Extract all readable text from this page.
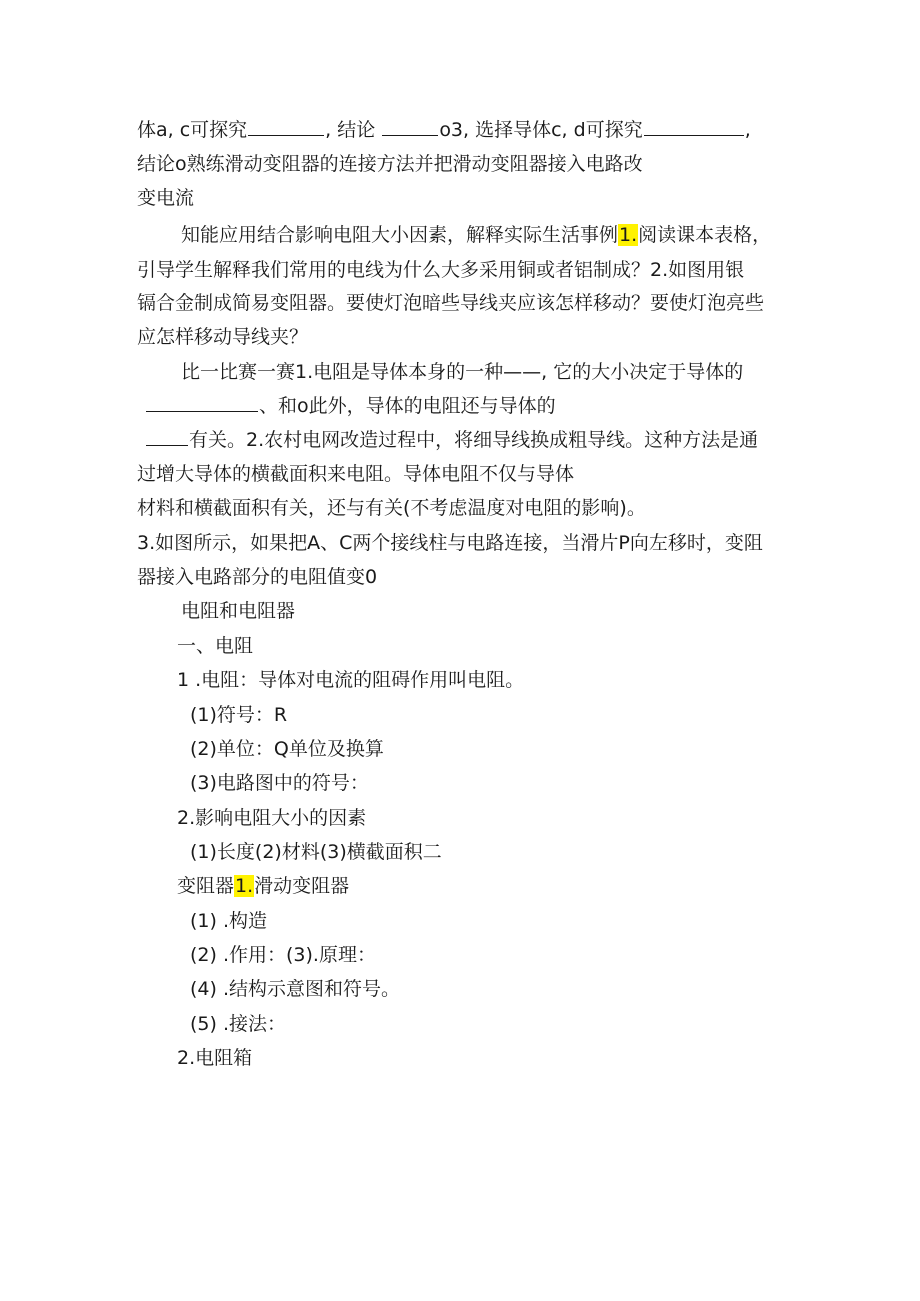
体a, c可探究	, 结论	o3, 选择导体c, d可探究	,
结论o熟练滑动变阻器的连接方法并把滑动变阻器接入电路改
变电流
知能应用结合影响电阻大小因素，解释实际生活事例1.阅读课本表格，
引导学生解释我们常用的电线为什么大多采用铜或者铝制成？2.如图用银
镉合金制成简易变阻器。要使灯泡暗些导线夹应该怎样移动？要使灯泡亮些
应怎样移动导线夹？
比一比赛一赛1.电阻是导体本身的一种——, 它的大小决定于导体的
、和o此外，导体的电阻还与导体的
有关。2.农村电网改造过程中，将细导线换成粗导线。这种方法是通
过增大导体的横截面积来电阻。导体电阻不仅与导体
材料和横截面积有关，还与有关(不考虑温度对电阻的影响)。
3.如图所示，如果把A、C两个接线柱与电路连接，当滑片P向左移时，变阻
器接入电路部分的电阻值变0
电阻和电阻器
一、电阻
1 .电阻：导体对电流的阻碍作用叫电阻。
(1)符号：R
(2)单位：Q单位及换算
(3)电路图中的符号：
2.影响电阻大小的因素
(1)长度(2)材料(3)横截面积二
变阻器1.滑动变阻器
(1) .构造
(2) .作用：(3).原理：
(4) .结构示意图和符号。
(5) .接法：
2.电阻箱
